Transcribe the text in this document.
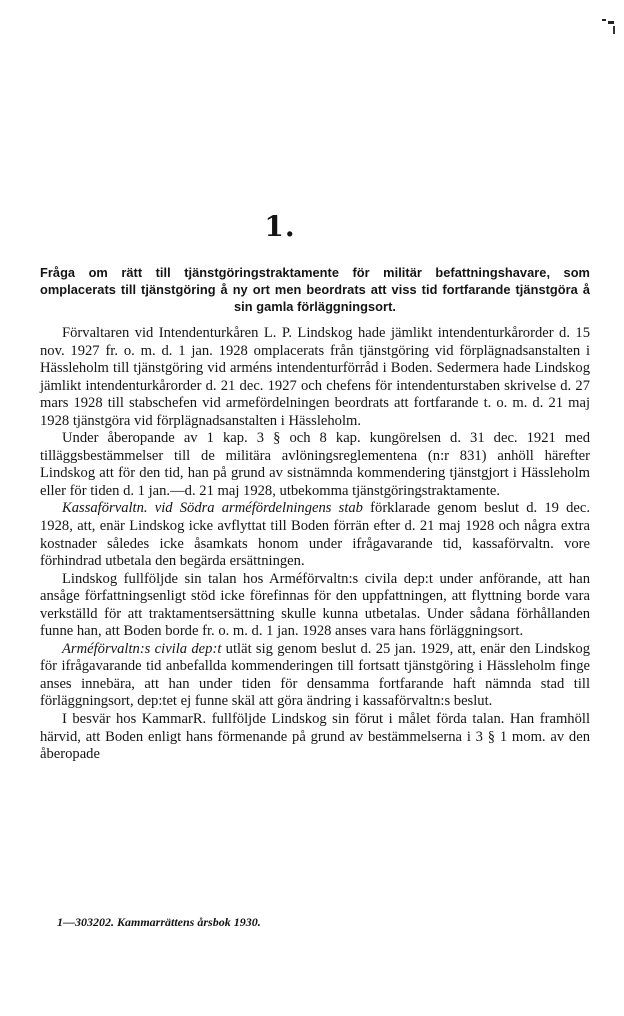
1.
Fråga om rätt till tjänstgöringstraktamente för militär befattningshavare, som omplacerats till tjänstgöring å ny ort men beordrats att viss tid fortfarande tjänstgöra å sin gamla förläggningsort.

Förvaltaren vid Intendenturkåren L. P. Lindskog hade jämlikt intendenturkårorder d. 15 nov. 1927 fr. o. m. d. 1 jan. 1928 omplacerats från tjänstgöring vid förplägnadsanstalten i Hässleholm till tjänstgöring vid arméns intendenturförråd i Boden. Sedermera hade Lindskog jämlikt intendenturkårorder d. 21 dec. 1927 och chefens för intendenturstaben skrivelse d. 27 mars 1928 till stabschefen vid armefördelningen beordrats att fortfarande t. o. m. d. 21 maj 1928 tjänstgöra vid förplägnadsanstalten i Hässleholm.

Under åberopande av 1 kap. 3 § och 8 kap. kungörelsen d. 31 dec. 1921 med tilläggsbestämmelser till de militära avlöningsreglementena (n:r 831) anhöll härefter Lindskog att för den tid, han på grund av sistnämnda kommendering tjänstgjort i Hässleholm eller för tiden d. 1 jan.—d. 21 maj 1928, utbekomma tjänstgöringstraktamente.

Kassaförvaltn. vid Södra arméfördelningens stab förklarade genom beslut d. 19 dec. 1928, att, enär Lindskog icke avflyttat till Boden förrän efter d. 21 maj 1928 och några extra kostnader således icke åsamkats honom under ifrågavarande tid, kassaförvaltn. vore förhindrad utbetala den begärda ersättningen.

Lindskog fullföljde sin talan hos Arméförvaltn:s civila dep:t under anförande, att han ansåge författningsenligt stöd icke förefinnas för den uppfattningen, att flyttning borde vara verkställd för att traktamentsersättning skulle kunna utbetalas. Under sådana förhållanden funne han, att Boden borde fr. o. m. d. 1 jan. 1928 anses vara hans förläggningsort.

Arméförvaltn:s civila dep:t utlät sig genom beslut d. 25 jan. 1929, att, enär den Lindskog för ifrågavarande tid anbefallda kommenderingen till fortsatt tjänstgöring i Hässleholm finge anses innebära, att han under tiden för densamma fortfarande haft nämnda stad till förläggningsort, dep:tet ej funne skäl att göra ändring i kassaförvaltn:s beslut.

I besvär hos KammarR. fullföljde Lindskog sin förut i målet förda talan. Han framhöll härvid, att Boden enligt hans förmenande på grund av bestämmelserna i 3 § 1 mom. av den åberopade

1—303202. Kammarrättens årsbok 1930.
